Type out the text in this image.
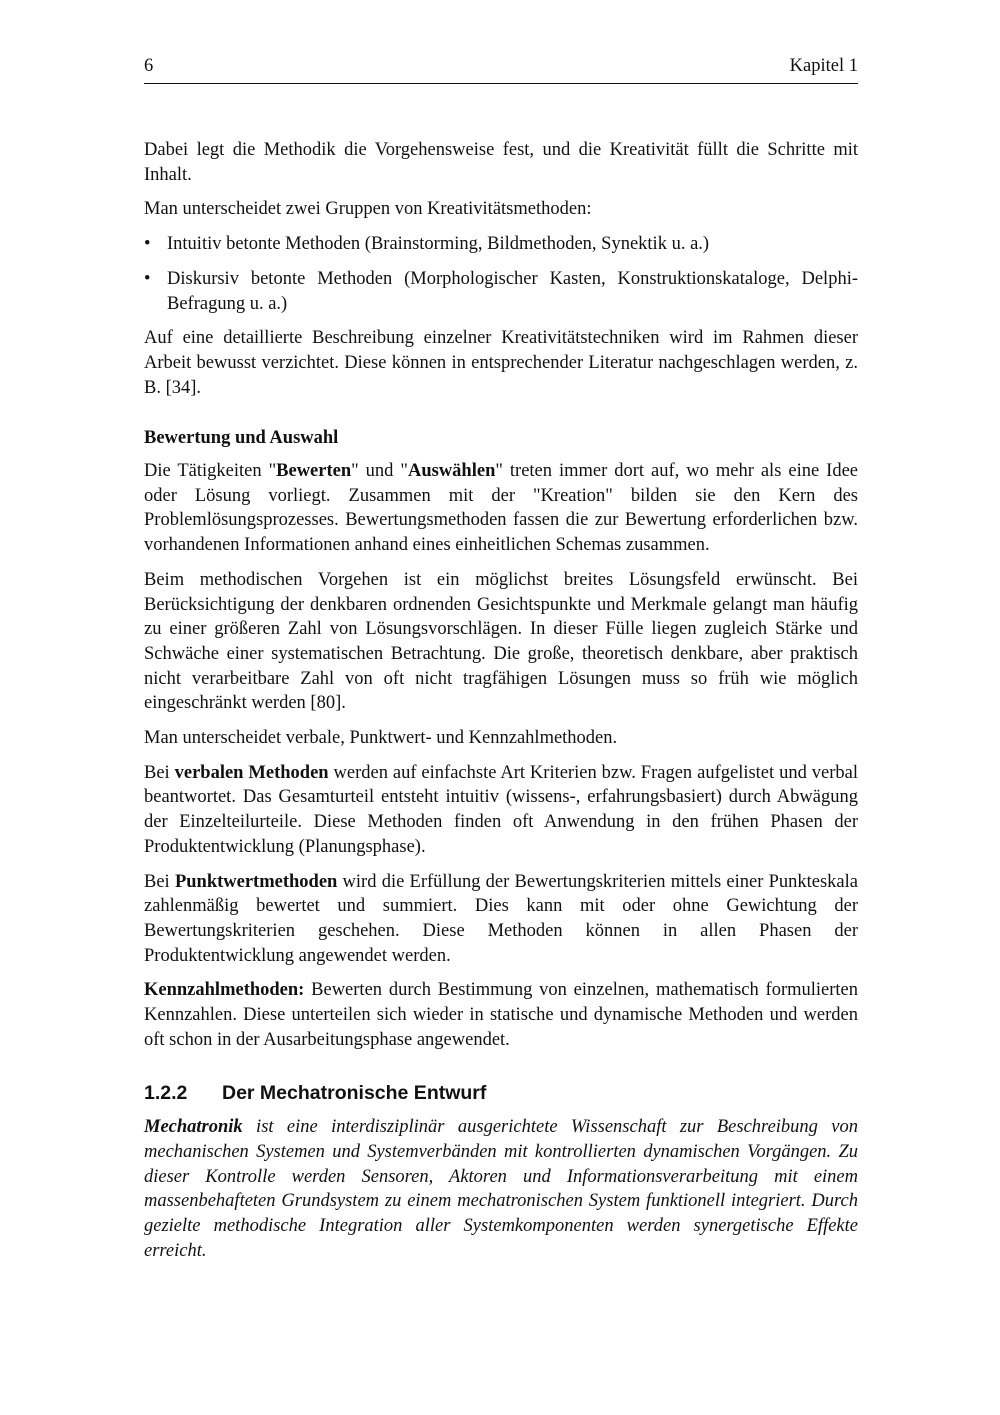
6	Kapitel 1

Dabei legt die Methodik die Vorgehensweise fest, und die Kreativität füllt die Schritte mit Inhalt.

Man unterscheidet zwei Gruppen von Kreativitätsmethoden:

• Intuitiv betonte Methoden (Brainstorming, Bildmethoden, Synektik u. a.)
• Diskursiv betonte Methoden (Morphologischer Kasten, Konstruktionskataloge, Delphi-Befragung u. a.)

Auf eine detaillierte Beschreibung einzelner Kreativitätstechniken wird im Rahmen dieser Arbeit bewusst verzichtet. Diese können in entsprechender Literatur nachgeschlagen werden, z. B. [34].

Bewertung und Auswahl

Die Tätigkeiten "Bewerten" und "Auswählen" treten immer dort auf, wo mehr als eine Idee oder Lösung vorliegt. Zusammen mit der "Kreation" bilden sie den Kern des Problemlösungsprozesses. Bewertungsmethoden fassen die zur Bewertung erforderlichen bzw. vorhandenen Informationen anhand eines einheitlichen Schemas zusammen.

Beim methodischen Vorgehen ist ein möglichst breites Lösungsfeld erwünscht. Bei Berücksichtigung der denkbaren ordnenden Gesichtspunkte und Merkmale gelangt man häufig zu einer größeren Zahl von Lösungsvorschlägen. In dieser Fülle liegen zugleich Stärke und Schwäche einer systematischen Betrachtung. Die große, theoretisch denkbare, aber praktisch nicht verarbeitbare Zahl von oft nicht tragfähigen Lösungen muss so früh wie möglich eingeschränkt werden [80].

Man unterscheidet verbale, Punktwert- und Kennzahlmethoden.

Bei verbalen Methoden werden auf einfachste Art Kriterien bzw. Fragen aufgelistet und verbal beantwortet. Das Gesamturteil entsteht intuitiv (wissens-, erfahrungsbasiert) durch Abwägung der Einzelteilurteile. Diese Methoden finden oft Anwendung in den frühen Phasen der Produktentwicklung (Planungsphase).

Bei Punktwertmethoden wird die Erfüllung der Bewertungskriterien mittels einer Punkteskala zahlenmäßig bewertet und summiert. Dies kann mit oder ohne Gewichtung der Bewertungskriterien geschehen. Diese Methoden können in allen Phasen der Produktentwicklung angewendet werden.

Kennzahlmethoden: Bewerten durch Bestimmung von einzelnen, mathematisch formulierten Kennzahlen. Diese unterteilen sich wieder in statische und dynamische Methoden und werden oft schon in der Ausarbeitungsphase angewendet.

1.2.2 Der Mechatronische Entwurf

Mechatronik ist eine interdisziplinär ausgerichtete Wissenschaft zur Beschreibung von mechanischen Systemen und Systemverbänden mit kontrollierten dynamischen Vorgängen. Zu dieser Kontrolle werden Sensoren, Aktoren und Informationsverarbeitung mit einem massenbehafteten Grundsystem zu einem mechatronischen System funktionell integriert. Durch gezielte methodische Integration aller Systemkomponenten werden synergetische Effekte erreicht.
